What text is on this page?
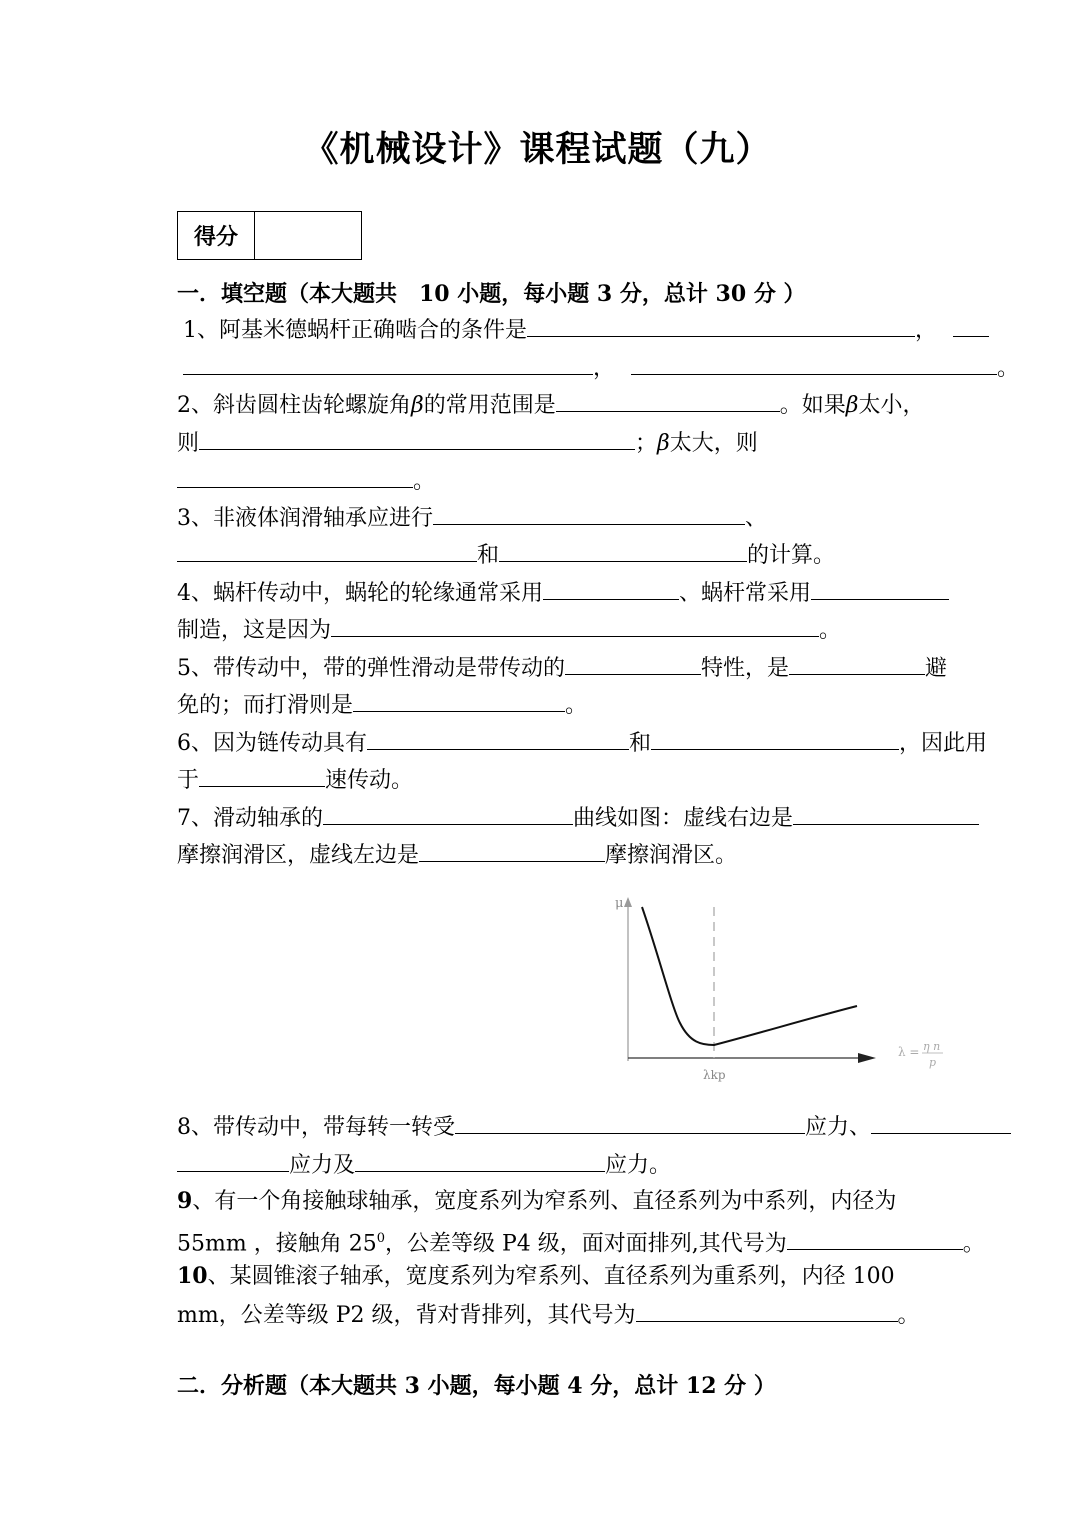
《机械设计》课程试题（九）
得分
一．填空题（本大题共　10 小题，每小题 3 分，总计 30 分 ）
1、阿基米德蜗杆正确啮合的条件是	，
，	。
2、斜齿圆柱齿轮螺旋角β的常用范围是	。如果β太小，
则	；β太大，则
。
3、非液体润滑轴承应进行	、
和	的计算。
4、蜗杆传动中，蜗轮的轮缘通常采用	、蜗杆常采用
制造，这是因为	。
5、带传动中，带的弹性滑动是带传动的	特性，是	避
免的；而打滑则是	。
6、因为链传动具有	和	，因此用
于	速传动。
7、滑动轴承的	曲线如图：虚线右边是
摩擦润滑区，虚线左边是	摩擦润滑区。
μ
λkp
λ = η n
p
8、带传动中，带每转一转受	应力、
应力及	应力。
9、有一个角接触球轴承，宽度系列为窄系列、直径系列为中系列，内径为
55mm ，接触角 $25^0$，公差等级 P4 级，面对面排列,其代号为	。
10、某圆锥滚子轴承，宽度系列为窄系列、直径系列为重系列，内径 100
mm，公差等级 P2 级，背对背排列，其代号为	。
二．分析题（本大题共 3 小题，每小题 4 分，总计 12 分 ）
